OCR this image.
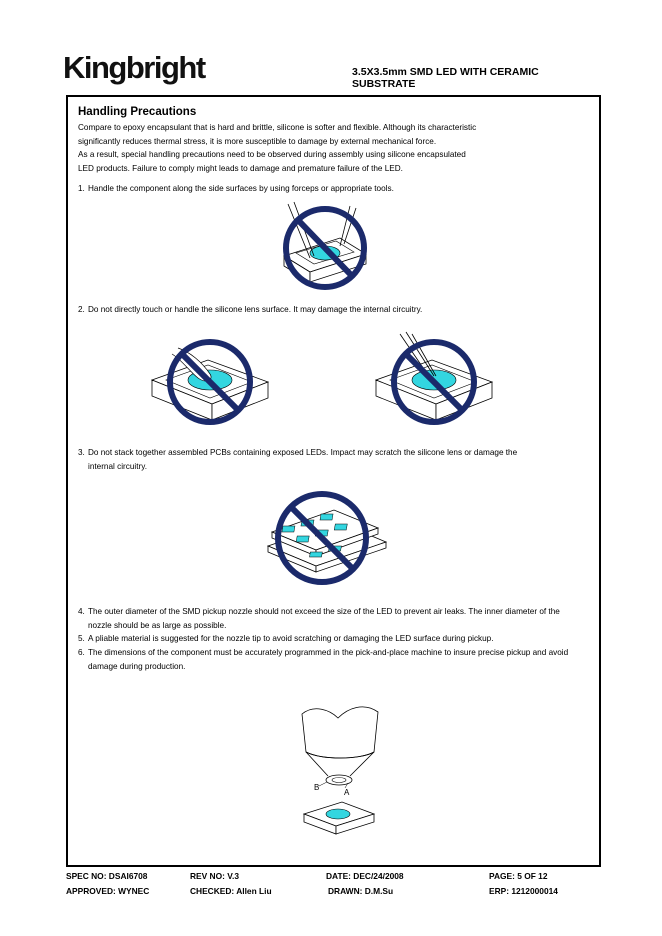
Kingbright	3.5X3.5mm SMD LED WITH CERAMIC
SUBSTRATE
Handling Precautions
Compare to epoxy encapsulant that is hard and brittle, silicone is softer and flexible. Although its characteristic
significantly reduces thermal stress, it is more susceptible to damage by external mechanical force.
As a result, special handling precautions need to be observed during assembly using silicone encapsulated
LED products. Failure to comply might leads to damage and premature failure of the LED.
1. Handle the component along the side surfaces by using forceps or appropriate tools.
2. Do not directly touch or handle the silicone lens surface. It may damage the internal circuitry.
3. Do not stack together assembled PCBs containing exposed LEDs. Impact may scratch the silicone lens or damage the internal circuitry.
4. The outer diameter of the SMD pickup nozzle should not exceed the size of the LED to prevent air leaks. The inner diameter of the nozzle should be as large as possible.
5. A pliable material is suggested for the nozzle tip to avoid scratching or damaging the LED surface during pickup.
6. The dimensions of the component must be accurately programmed in the pick-and-place machine to insure precise pickup and avoid damage during production.
B
A
SPEC NO: DSAI6708	REV NO: V.3	DATE: DEC/24/2008	PAGE: 5 OF 12
APPROVED: WYNEC	CHECKED: Allen Liu	DRAWN: D.M.Su	ERP: 1212000014
